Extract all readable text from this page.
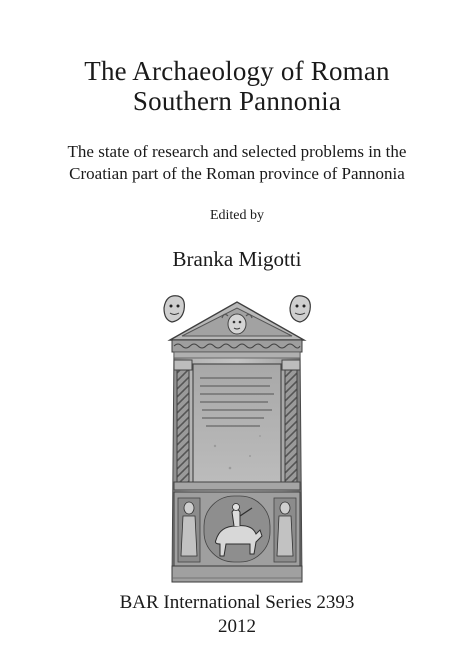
The Archaeology of Roman
Southern Pannonia
The state of research and selected problems in the
Croatian part of the Roman province of Pannonia
Edited by
Branka Migotti
BAR International Series 2393
2012
